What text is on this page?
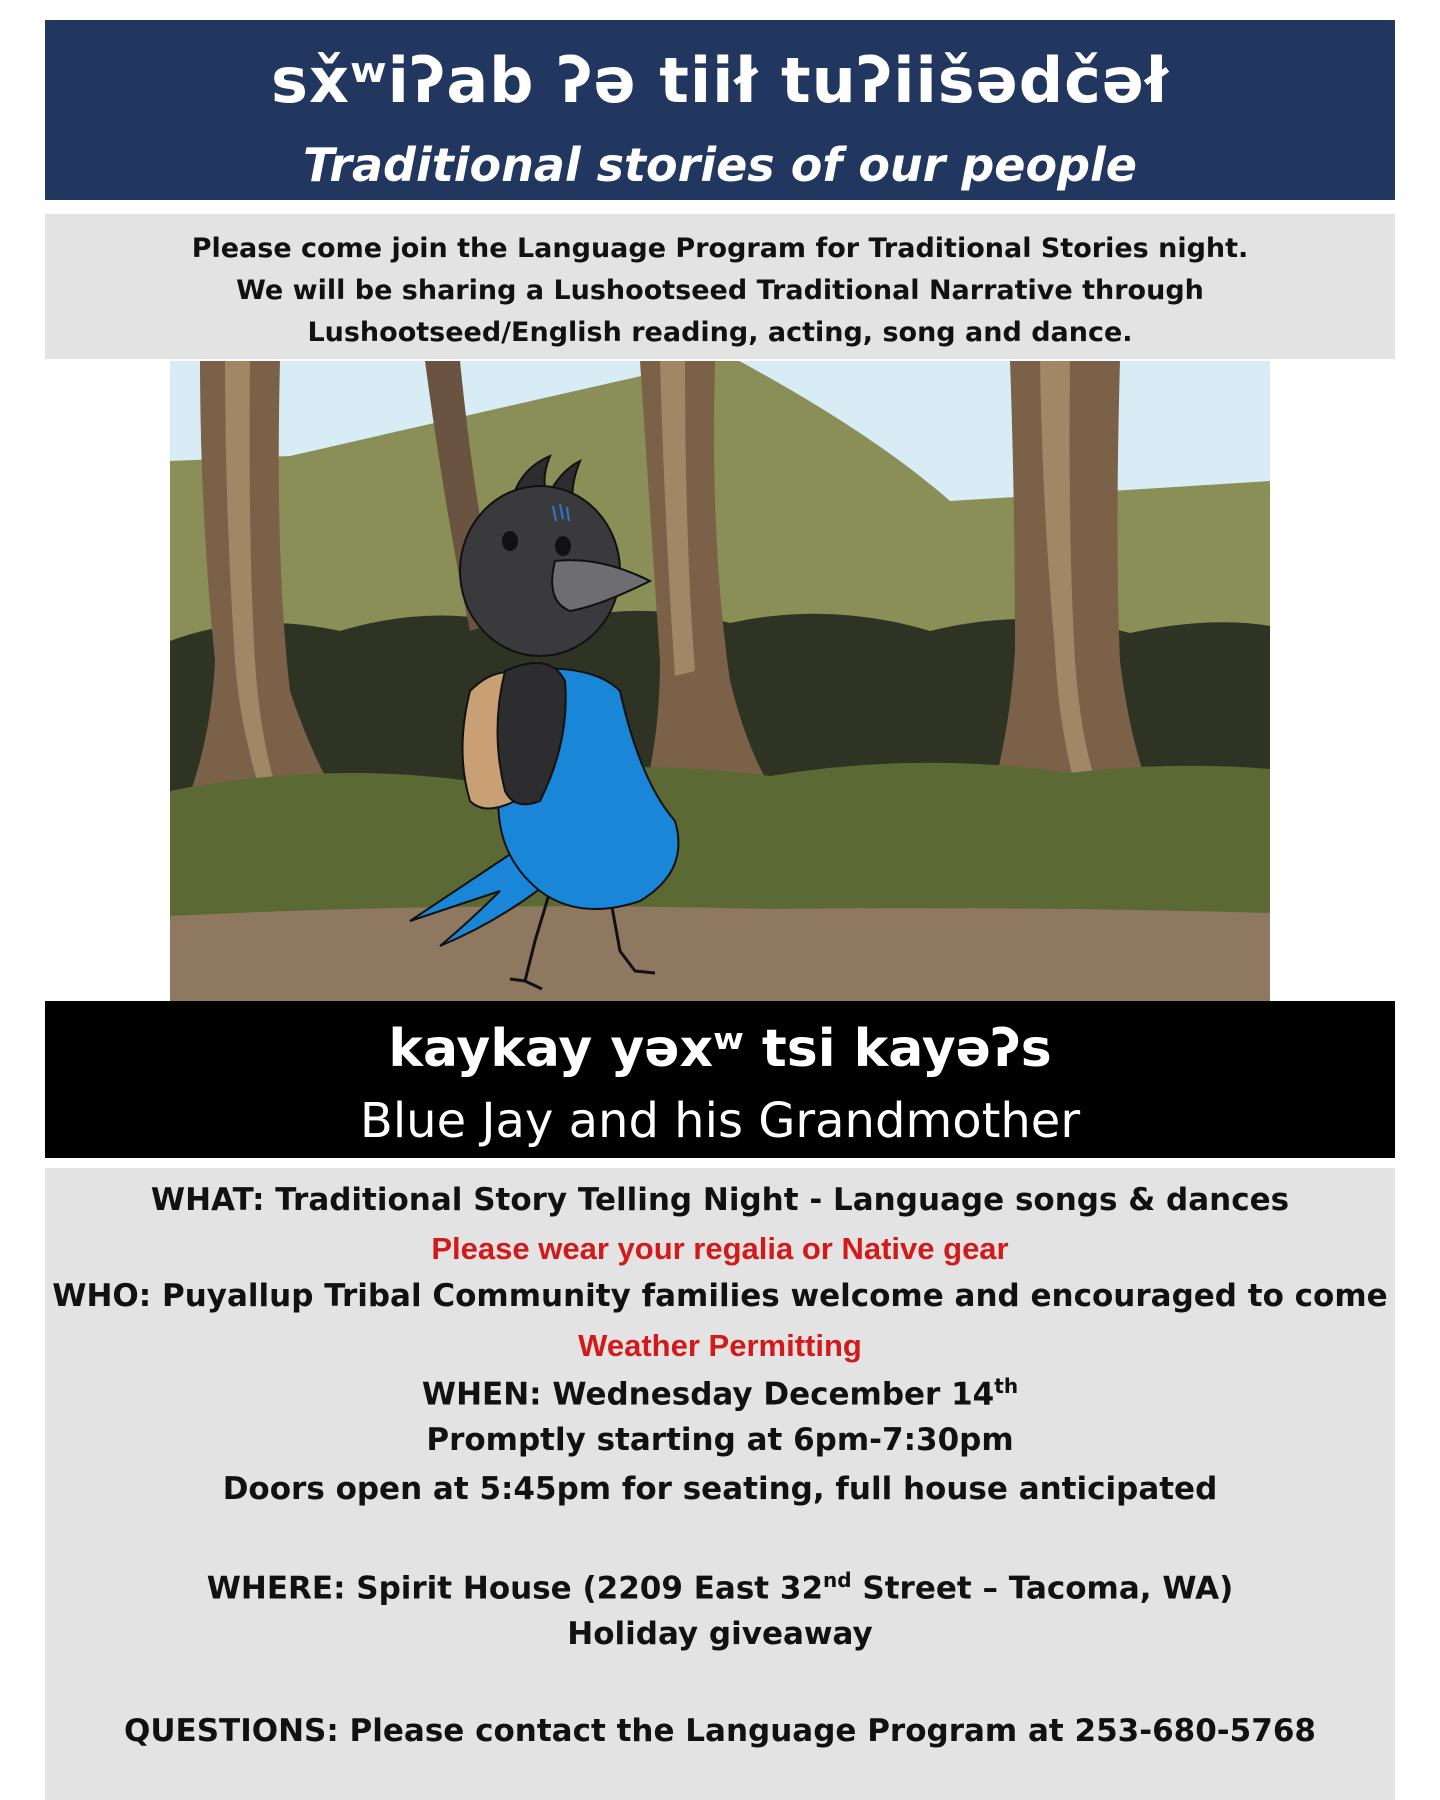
sx̌ʷiʔab ʔə tiił tuʔiišədčəł
Traditional stories of our people
Please come join the Language Program for Traditional Stories night.
We will be sharing a Lushootseed Traditional Narrative through
Lushootseed/English reading, acting, song and dance.
kaykay yəxʷ tsi kayəʔs
Blue Jay and his Grandmother
WHAT: Traditional Story Telling Night - Language songs & dances
Please wear your regalia or Native gear
WHO: Puyallup Tribal Community families welcome and encouraged to come
Weather Permitting
WHEN: Wednesday December 14th
Promptly starting at 6pm-7:30pm
Doors open at 5:45pm for seating, full house anticipated
WHERE: Spirit House (2209 East 32nd Street – Tacoma, WA)
Holiday giveaway
QUESTIONS: Please contact the Language Program at 253-680-5768
